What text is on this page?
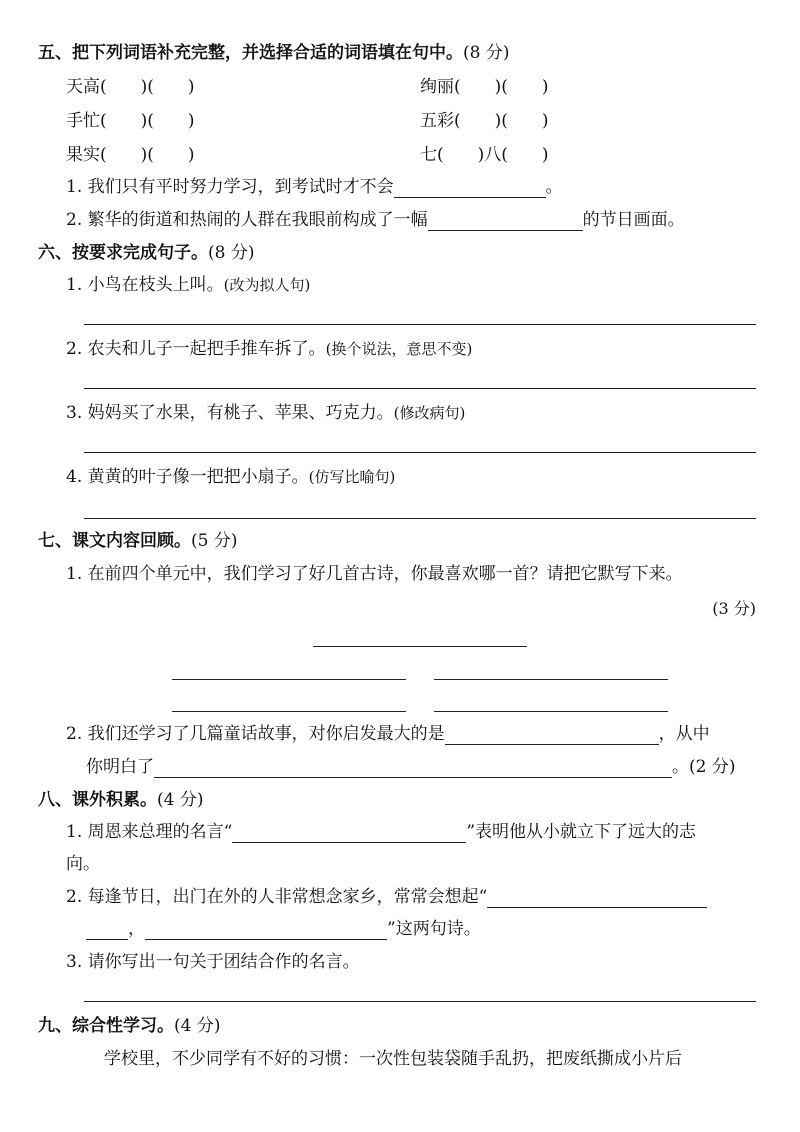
五、把下列词语补充完整，并选择合适的词语填在句中。(8 分)
天高(　　)(　　)	绚丽(　　)(　　)
手忙(　　)(　　)	五彩(　　)(　　)
果实(　　)(　　)	七(　　)八(　　)
1. 我们只有平时努力学习，到考试时才不会	。
2. 繁华的街道和热闹的人群在我眼前构成了一幅	的节日画面。
六、按要求完成句子。(8 分)
1. 小鸟在枝头上叫。(改为拟人句)
2. 农夫和儿子一起把手推车拆了。(换个说法，意思不变)
3. 妈妈买了水果，有桃子、苹果、巧克力。(修改病句)
4. 黄黄的叶子像一把把小扇子。(仿写比喻句)
七、课文内容回顾。(5 分)
1. 在前四个单元中，我们学习了好几首古诗，你最喜欢哪一首？请把它默写下来。
(3 分)
2. 我们还学习了几篇童话故事，对你启发最大的是	，从中
你明白了	。(2 分)
八、课外积累。(4 分)
1. 周恩来总理的名言“	”表明他从小就立下了远大的志
向。
2. 每逢节日，出门在外的人非常想念家乡，常常会想起“
，	”这两句诗。
3. 请你写出一句关于团结合作的名言。
九、综合性学习。(4 分)
学校里，不少同学有不好的习惯：一次性包装袋随手乱扔，把废纸撕成小片后
